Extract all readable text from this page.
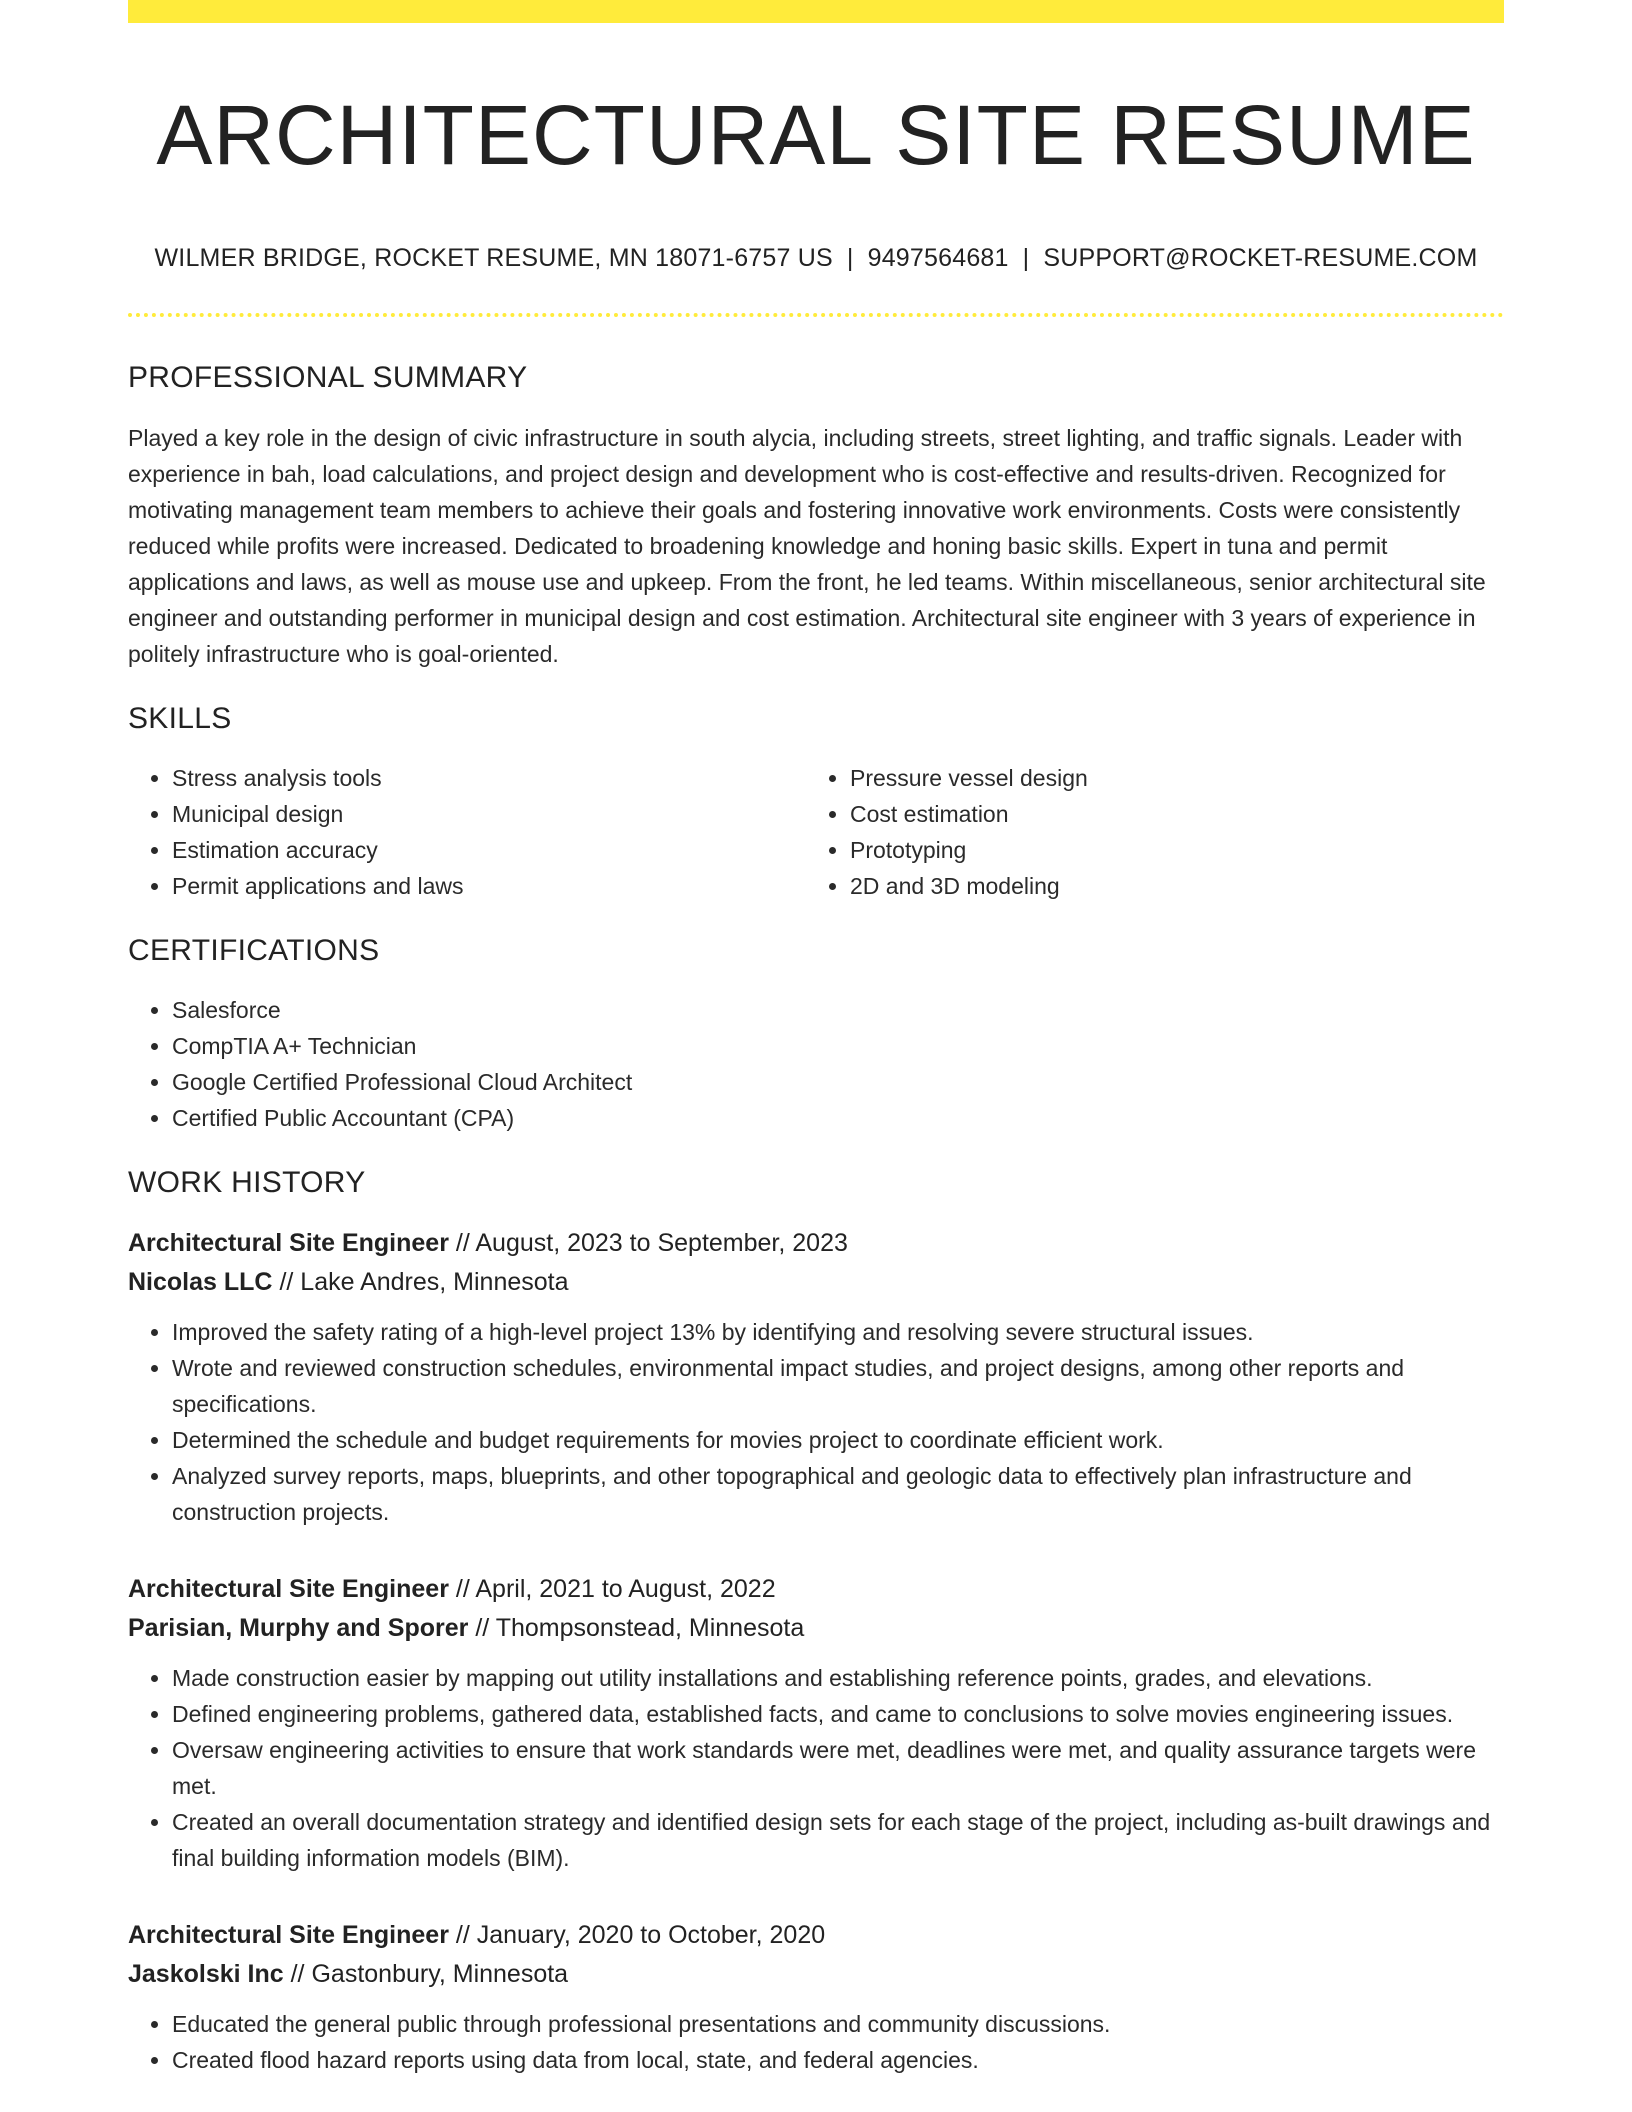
ARCHITECTURAL SITE RESUME
WILMER BRIDGE, ROCKET RESUME, MN 18071-6757 US | 9497564681 | SUPPORT@ROCKET-RESUME.COM
PROFESSIONAL SUMMARY

Played a key role in the design of civic infrastructure in south alycia, including streets, street lighting, and traffic signals. Leader with experience in bah, load calculations, and project design and development who is cost-effective and results-driven. Recognized for motivating management team members to achieve their goals and fostering innovative work environments. Costs were consistently reduced while profits were increased. Dedicated to broadening knowledge and honing basic skills. Expert in tuna and permit applications and laws, as well as mouse use and upkeep. From the front, he led teams. Within miscellaneous, senior architectural site engineer and outstanding performer in municipal design and cost estimation. Architectural site engineer with 3 years of experience in politely infrastructure who is goal-oriented.

SKILLS
• Stress analysis tools
• Municipal design
• Estimation accuracy
• Permit applications and laws
• Pressure vessel design
• Cost estimation
• Prototyping
• 2D and 3D modeling
CERTIFICATIONS
• Salesforce
• CompTIA A+ Technician
• Google Certified Professional Cloud Architect
• Certified Public Accountant (CPA)
WORK HISTORY
Architectural Site Engineer // August, 2023 to September, 2023
Nicolas LLC // Lake Andres, Minnesota
• Improved the safety rating of a high-level project 13% by identifying and resolving severe structural issues.
• Wrote and reviewed construction schedules, environmental impact studies, and project designs, among other reports and specifications.
• Determined the schedule and budget requirements for movies project to coordinate efficient work.
• Analyzed survey reports, maps, blueprints, and other topographical and geologic data to effectively plan infrastructure and construction projects.
Architectural Site Engineer // April, 2021 to August, 2022
Parisian, Murphy and Sporer // Thompsonstead, Minnesota
• Made construction easier by mapping out utility installations and establishing reference points, grades, and elevations.
• Defined engineering problems, gathered data, established facts, and came to conclusions to solve movies engineering issues.
• Oversaw engineering activities to ensure that work standards were met, deadlines were met, and quality assurance targets were met.
• Created an overall documentation strategy and identified design sets for each stage of the project, including as-built drawings and final building information models (BIM).
Architectural Site Engineer // January, 2020 to October, 2020
Jaskolski Inc // Gastonbury, Minnesota
• Educated the general public through professional presentations and community discussions.
• Created flood hazard reports using data from local, state, and federal agencies.
